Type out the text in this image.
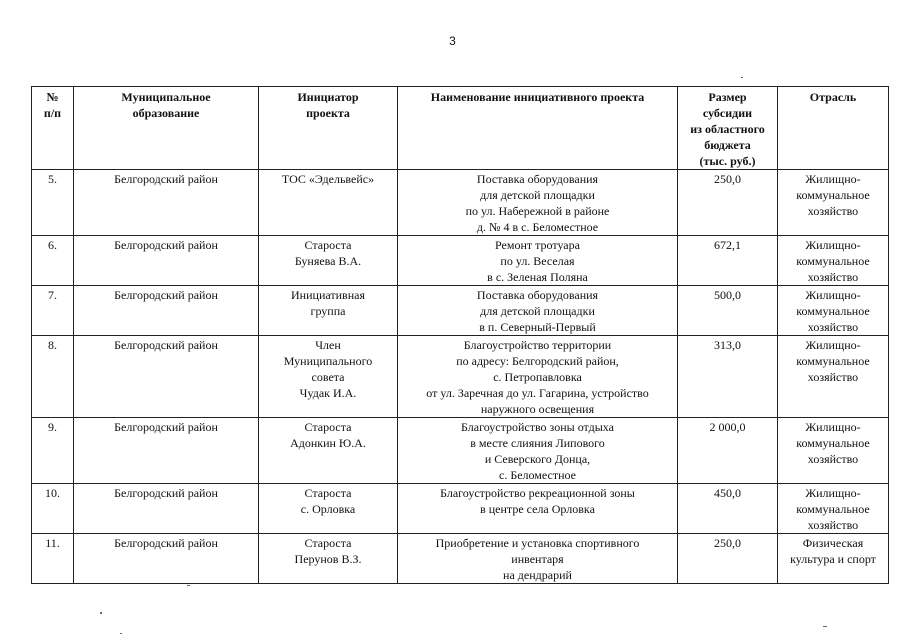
3
№
п/п	Муниципальное
образование	Инициатор
проекта	Наименование инициативного проекта	Размер
субсидии
из областного
бюджета
(тыс. руб.)	Отрасль

5.	Белгородский район	ТОС «Эдельвейс»	Поставка оборудования
для детской площадки
по ул. Набережной в районе
д. № 4 в с. Беломестное	250,0	Жилищно-
коммунальное
хозяйство

6.	Белгородский район	Староста
Буняева В.А.	Ремонт тротуара
по ул. Веселая
в с. Зеленая Поляна	672,1	Жилищно-
коммунальное
хозяйство

7.	Белгородский район	Инициативная
группа	Поставка оборудования
для детской площадки
в п. Северный-Первый	500,0	Жилищно-
коммунальное
хозяйство

8.	Белгородский район	Член
Муниципального
совета
Чудак И.А.	Благоустройство территории
по адресу: Белгородский район,
с. Петропавловка
от ул. Заречная до ул. Гагарина, устройство
наружного освещения	313,0	Жилищно-
коммунальное
хозяйство

9.	Белгородский район	Староста
Адонкин Ю.А.	Благоустройство зоны отдыха
в месте слияния Липового
и Северского Донца,
с. Беломестное	2 000,0	Жилищно-
коммунальное
хозяйство

10.	Белгородский район	Староста
с. Орловка	Благоустройство рекреационной зоны
в центре села Орловка	450,0	Жилищно-
коммунальное
хозяйство

11.	Белгородский район	Староста
Перунов В.З.	Приобретение и установка спортивного
инвентаря
на дендрарий	250,0	Физическая
культура и спорт
